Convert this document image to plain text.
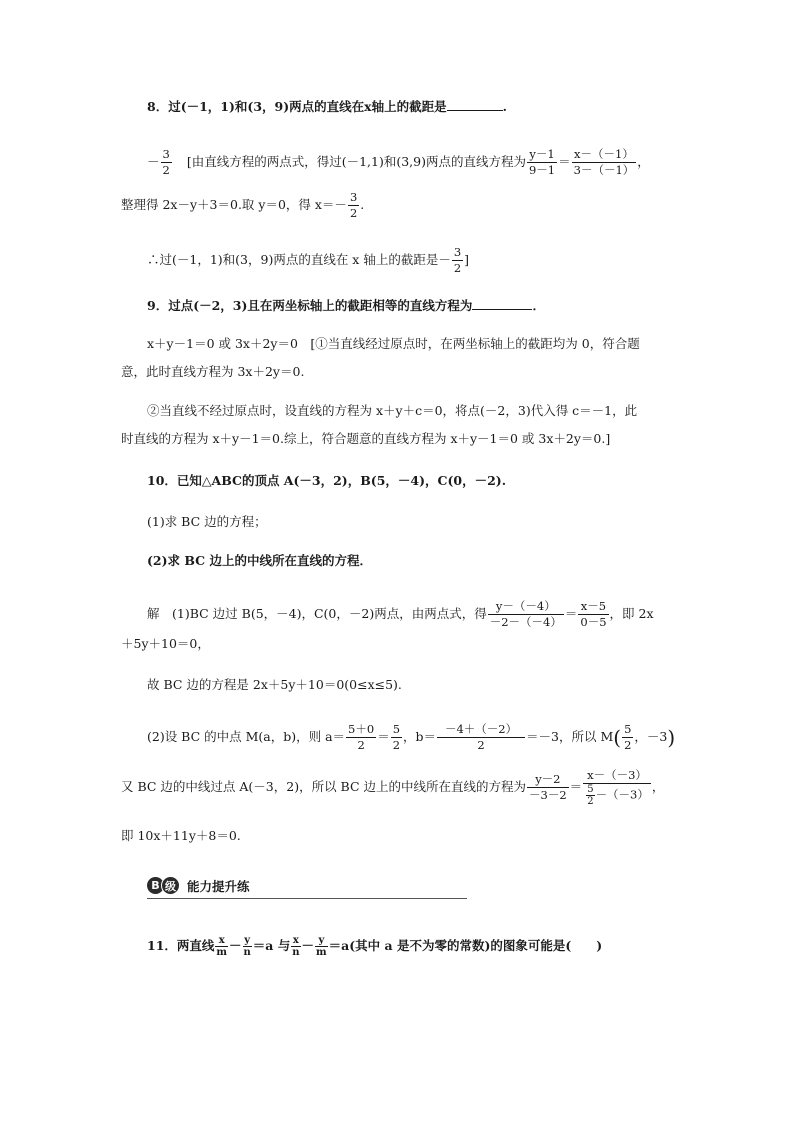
8．过(－1，1)和(3，9)两点的直线在x轴上的截距是	.
－ $\frac{3}{2}$ [由直线方程的两点式，得过(－1,1)和(3,9)两点的直线方程为 $\frac{y-1}{9-1} = \frac{x-(-1)}{3-(-1)}$ ，
整理得 2x－y＋3＝0.取 y＝0，得 $x=- \frac{3}{2}$ .
∴过(－1，1)和(3，9)两点的直线在 x 轴上的截距是－ $\frac{3}{2}$ ]
9．过点(－2，3)且在两坐标轴上的截距相等的直线方程为	．
x＋y－1＝0 或 3x＋2y＝0　[①当直线经过原点时，在两坐标轴上的截距均为 0，符合题
意，此时直线方程为 3x＋2y＝0.
②当直线不经过原点时，设直线的方程为 x＋y＋c＝0，将点(－2，3)代入得 c＝－1，此
时直线的方程为 x＋y－1＝0.综上，符合题意的直线方程为 x＋y－1＝0 或 3x＋2y＝0.]
10．已知△ABC的顶点 A(－3，2)，B(5，－4)，C(0，－2).
(1)求 BC 边的方程；
(2)求 BC 边上的中线所在直线的方程．
解　(1)BC 边过 B(5，－4)，C(0，－2)两点，由两点式，得 $\frac{y-(-4)}{-2-(-4)} = \frac{x-5}{0-5}$ ，即 2x
＋5y＋10＝0，
故 BC 边的方程是 2x＋5y＋10＝0(0≤x≤5).
(2)设 BC 的中点 M(a，b)，则 $a= \frac{5+0}{2} = \frac{5}{2}$ ，$b= \frac{-4+(-2)}{2} =-3$，所以 $M( \frac{5}{2}$ ，－3)
又 BC 边的中线过点 A(－3，2)，所以 BC 边上的中线所在直线的方程为 $\frac{y-2}{-3-2} = \frac{x-(-3)}{\frac{5}{2} -(-3)}$ ，
即 10x＋11y＋8＝0.
B 级 能力提升练
11．两直线 $\frac{x}{m} - \frac{y}{n} =a$ 与 $\frac{x}{n} - \frac{y}{m} =a$(其中 a 是不为零的常数)的图象可能是(　　)
